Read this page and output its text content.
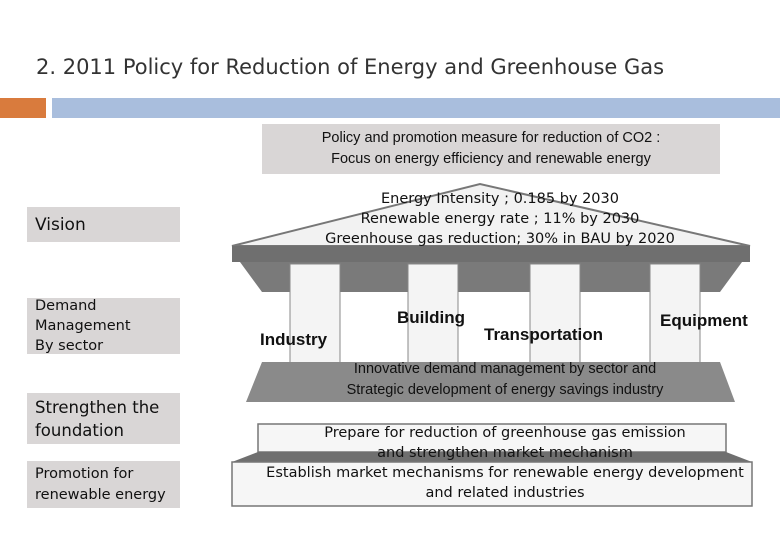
2. 2011 Policy for Reduction of Energy and Greenhouse Gas
Policy and promotion measure for reduction of CO2 :
Focus on energy efficiency and renewable energy
Vision
Demand
Management
By sector
Strengthen the
foundation
Promotion for
renewable energy
Energy Intensity ; 0.185 by 2030
Renewable energy rate ; 11% by 2030
Greenhouse gas reduction; 30% in BAU by 2020
Industry
Building
Transportation
Equipment
Innovative demand management by sector and
Strategic development of energy savings industry
Prepare for reduction of greenhouse gas emission
and strengthen market mechanism
Establish market mechanisms for renewable energy development
and related industries
